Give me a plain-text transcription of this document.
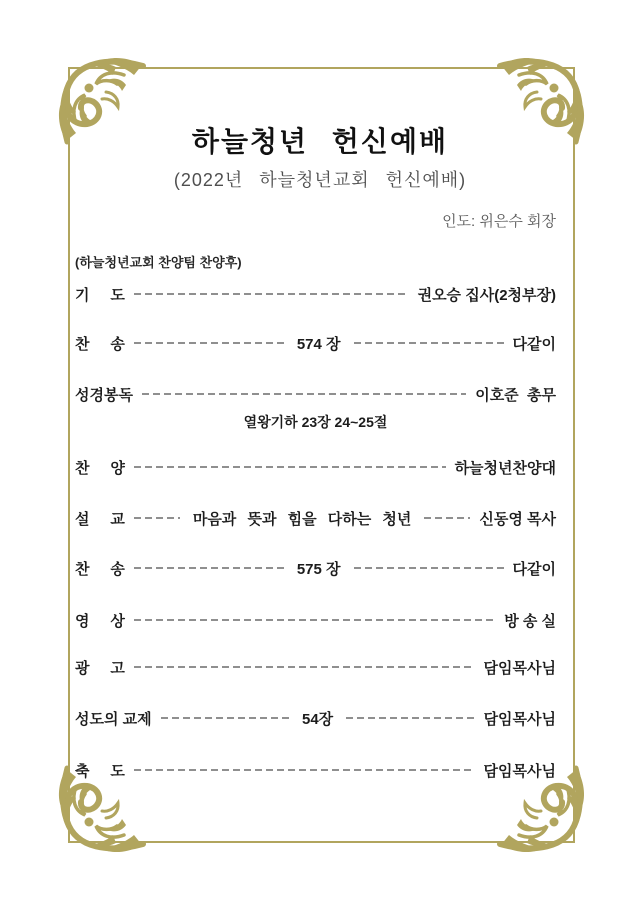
하늘청년 헌신예배
(2022년 하늘청년교회 헌신예배)
인도: 위은수 회장
(하늘청년교회 찬양팀 찬양후)
기     도	권오승 집사(2청부장)
찬     송	574 장	다같이
성경봉독	이호준  총무
열왕기하 23장 24~25절
찬     양	하늘청년찬양대
설     교	마음과 뜻과 힘을 다하는 청년	신동영 목사
찬     송	575 장	다같이
영     상	방 송 실
광     고	담임목사님
성도의 교제	54장	담임목사님
축     도	담임목사님
